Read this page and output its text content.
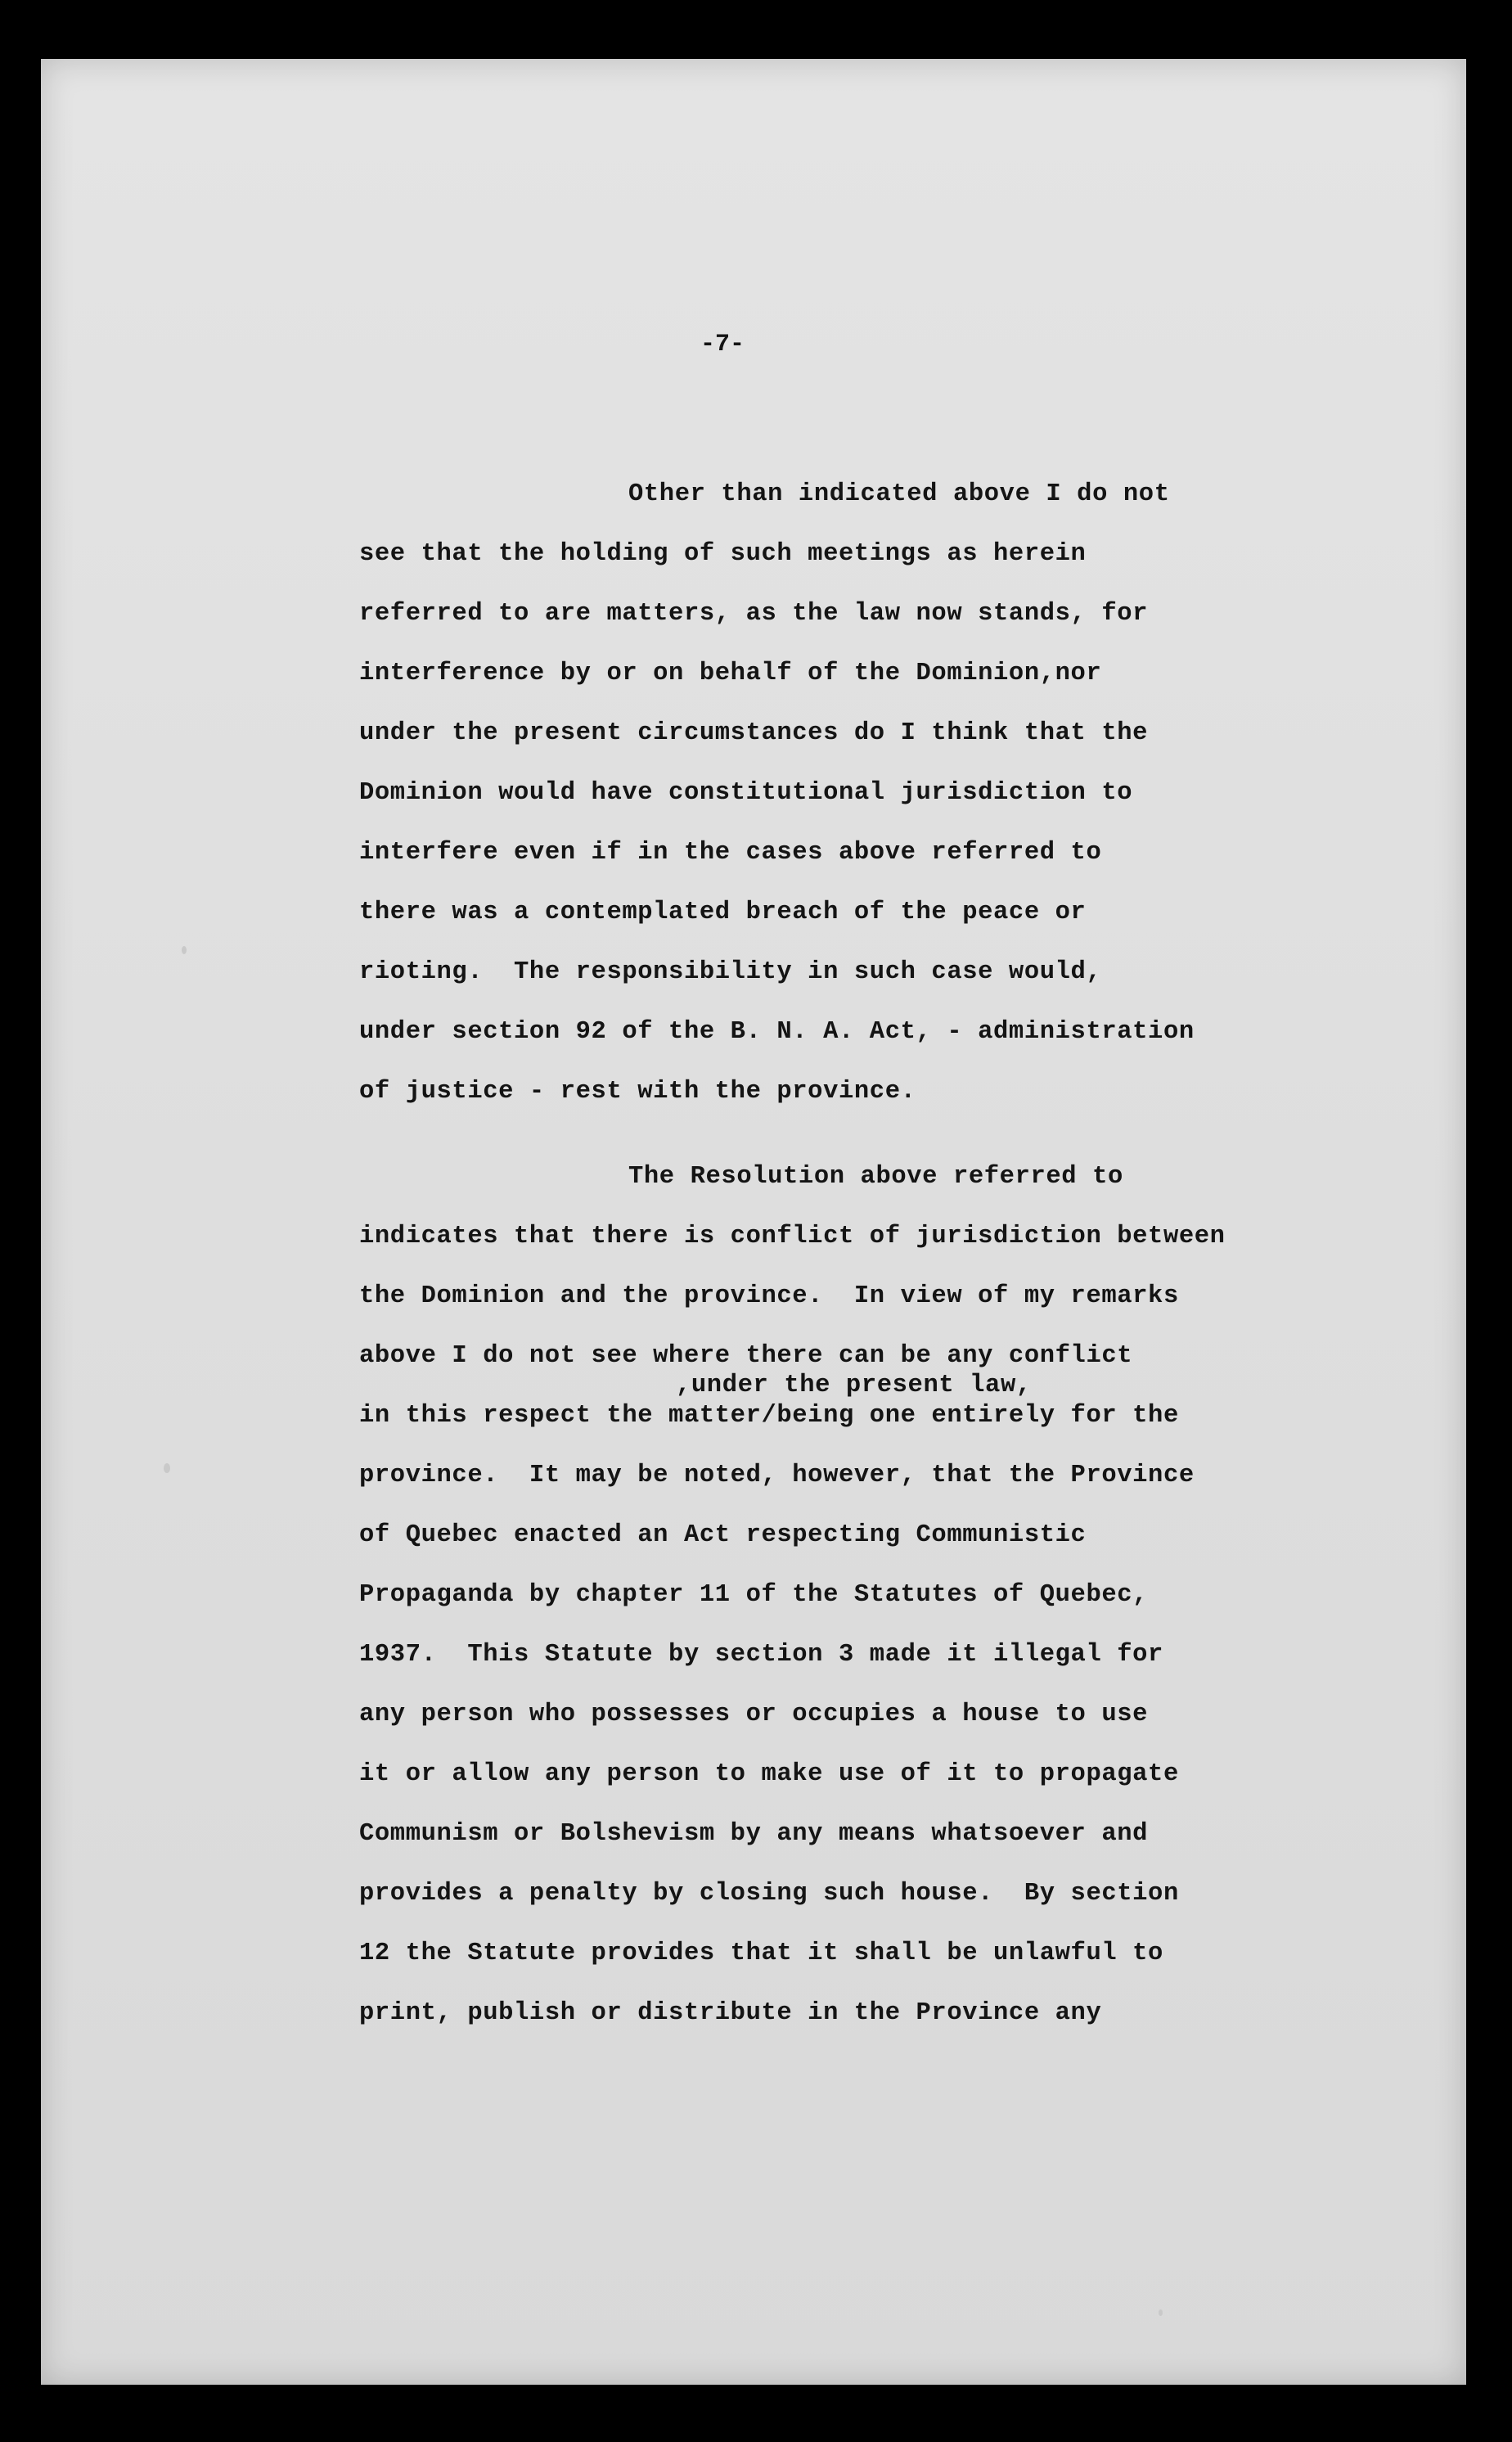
-7-

Other than indicated above I do not

see that the holding of such meetings as herein

referred to are matters, as the law now stands, for

interference by or on behalf of the Dominion,nor

under the present circumstances do I think that the

Dominion would have constitutional jurisdiction to

interfere even if in the cases above referred to

there was a contemplated breach of the peace or

rioting.  The responsibility in such case would,

under section 92 of the B. N. A. Act, - administration

of justice - rest with the province.

The Resolution above referred to

indicates that there is conflict of jurisdiction between

the Dominion and the province.  In view of my remarks

above I do not see where there can be any conflict

,under the present law,

in this respect the matter/being one entirely for the

province.  It may be noted, however, that the Province

of Quebec enacted an Act respecting Communistic

Propaganda by chapter 11 of the Statutes of Quebec,

1937.  This Statute by section 3 made it illegal for

any person who possesses or occupies a house to use

it or allow any person to make use of it to propagate

Communism or Bolshevism by any means whatsoever and

provides a penalty by closing such house.  By section

12 the Statute provides that it shall be unlawful to

print, publish or distribute in the Province any
